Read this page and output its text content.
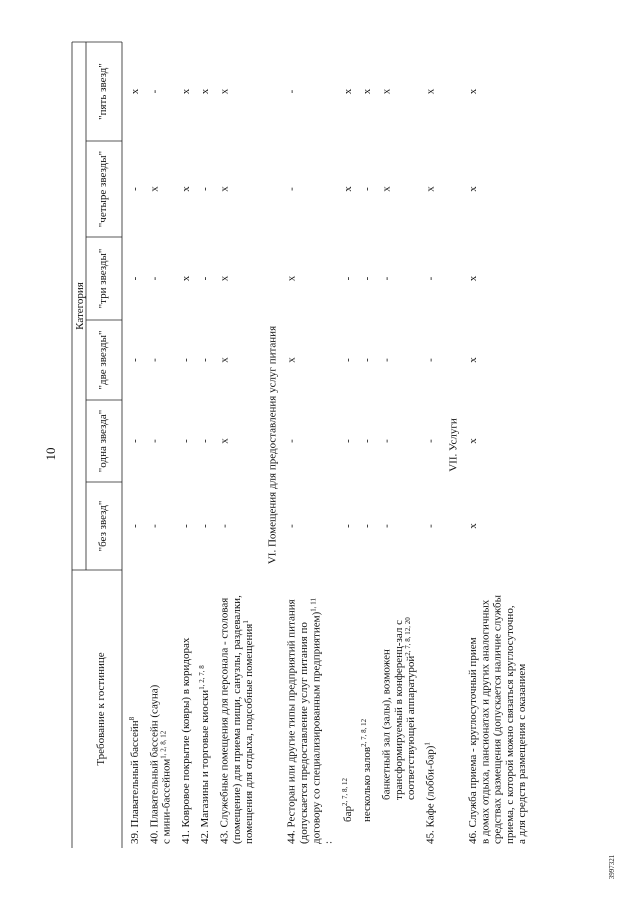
10
3997321
Требование к гостинице
Категория
"без звезд"
"одна звезда"
"две звезды"
"три звезды"
"четыре звезды"
"пять звезд"
39. Плавательный бассейн$^8$
-
-
-
-
-
x
40. Плавательный бассейн (сауна) с мини-бассейном$^{1, 2, 8, 12}$
-
-
-
-
x
-
41. Ковровое покрытие (ковры) в коридорах
-
-
-
x
x
x
42. Магазины и торговые киоски$^{1, 2, 7, 8}$
-
-
-
-
-
x
43. Служебные помещения для персонала - столовая (помещение) для приема пищи, санузлы, раздевалки, помещения для отдыха, подсобные помещения$^1$
-
x
x
x
x
x
VI. Помещения для предоставления услуг питания
44. Ресторан или другие типы предприятий питания (допускается предоставление услуг питания по договору со специализированным предприятием)$^{1, 11}$
:
-
-
x
x
-
-
бар$^{2, 7, 8, 12}$
-
-
-
-
x
x
несколько залов$^{2, 7, 8, 12}$
-
-
-
-
-
x
банкетный зал (залы), возможен трансформируемый в конференц-зал с соответствующей аппаратурой$^{2, 7, 8, 12, 20}$
-
-
-
-
x
x
45. Кафе (лобби-бар)$^1$
-
-
-
-
x
x
VII. Услуги
46. Служба приема - круглосуточный прием в домах отдыха, пансионатах и других аналогичных средствах размещения (допускается наличие службы приема, с которой можно связаться круглосуточно, а для средств размещения с оказанием
x
x
x
x
x
x
